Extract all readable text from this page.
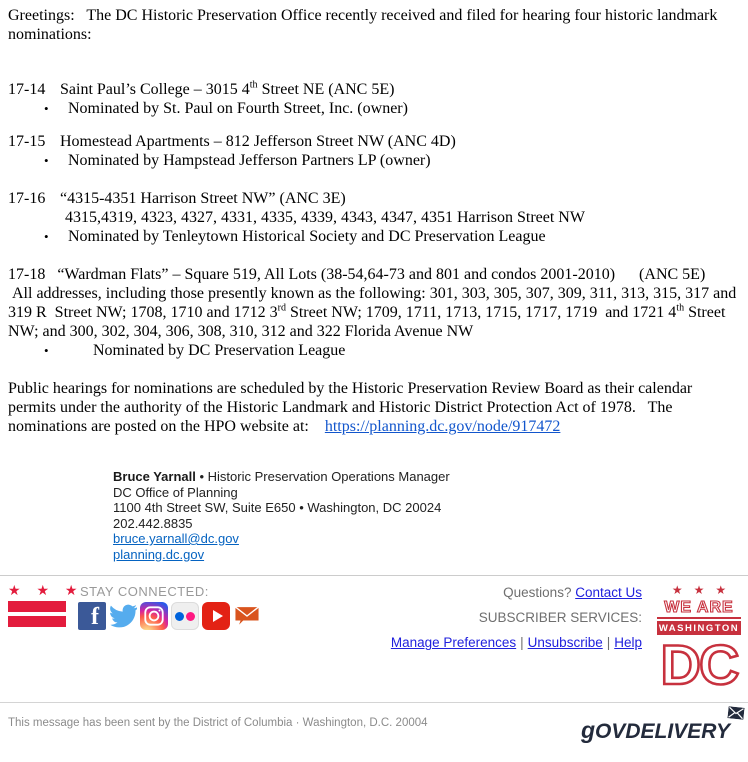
Greetings:   The DC Historic Preservation Office recently received and filed for hearing four historic landmark nominations:

17-14 Saint Paul’s College – 3015 4th Street NE (ANC 5E)
•	Nominated by St. Paul on Fourth Street, Inc. (owner)
17-15 Homestead Apartments – 812 Jefferson Street NW (ANC 4D)
•	Nominated by Hampstead Jefferson Partners LP (owner)
17-16 “4315-4351 Harrison Street NW” (ANC 3E)
4315,4319, 4323, 4327, 4331, 4335, 4339, 4343, 4347, 4351 Harrison Street NW
•	Nominated by Tenleytown Historical Society and DC Preservation League

17-18   “Wardman Flats” – Square 519, All Lots (38-54,64-73 and 801 and condos 2001-2010)      (ANC 5E)

All addresses, including those presently known as the following: 301, 303, 305, 307, 309, 311, 313, 315, 317 and 319 R  Street NW; 1708, 1710 and 1712 3rd Street NW; 1709, 1711, 1713, 1715, 1717, 1719  and 1721 4th Street NW; and 300, 302, 304, 306, 308, 310, 312 and 322 Florida Avenue NW

•	Nominated by DC Preservation League

Public hearings for nominations are scheduled by the Historic Preservation Review Board as their calendar permits under the authority of the Historic Landmark and Historic District Protection Act of 1978.   The nominations are posted on the HPO website at:    https://planning.dc.gov/node/917472

Bruce Yarnall • Historic Preservation Operations Manager
DC Office of Planning
1100 4th Street SW, Suite E650 • Washington, DC 20024
202.442.8835
bruce.yarnall@dc.gov
planning.dc.gov
★ ★ ★
STAY CONNECTED:
f
Questions? Contact Us
SUBSCRIBER SERVICES:
Manage Preferences | Unsubscribe | Help
★★★
WE ARE
WASHINGTON
DC
This message has been sent by the District of Columbia · Washington, D.C. 20004	gOVDELIVERY
